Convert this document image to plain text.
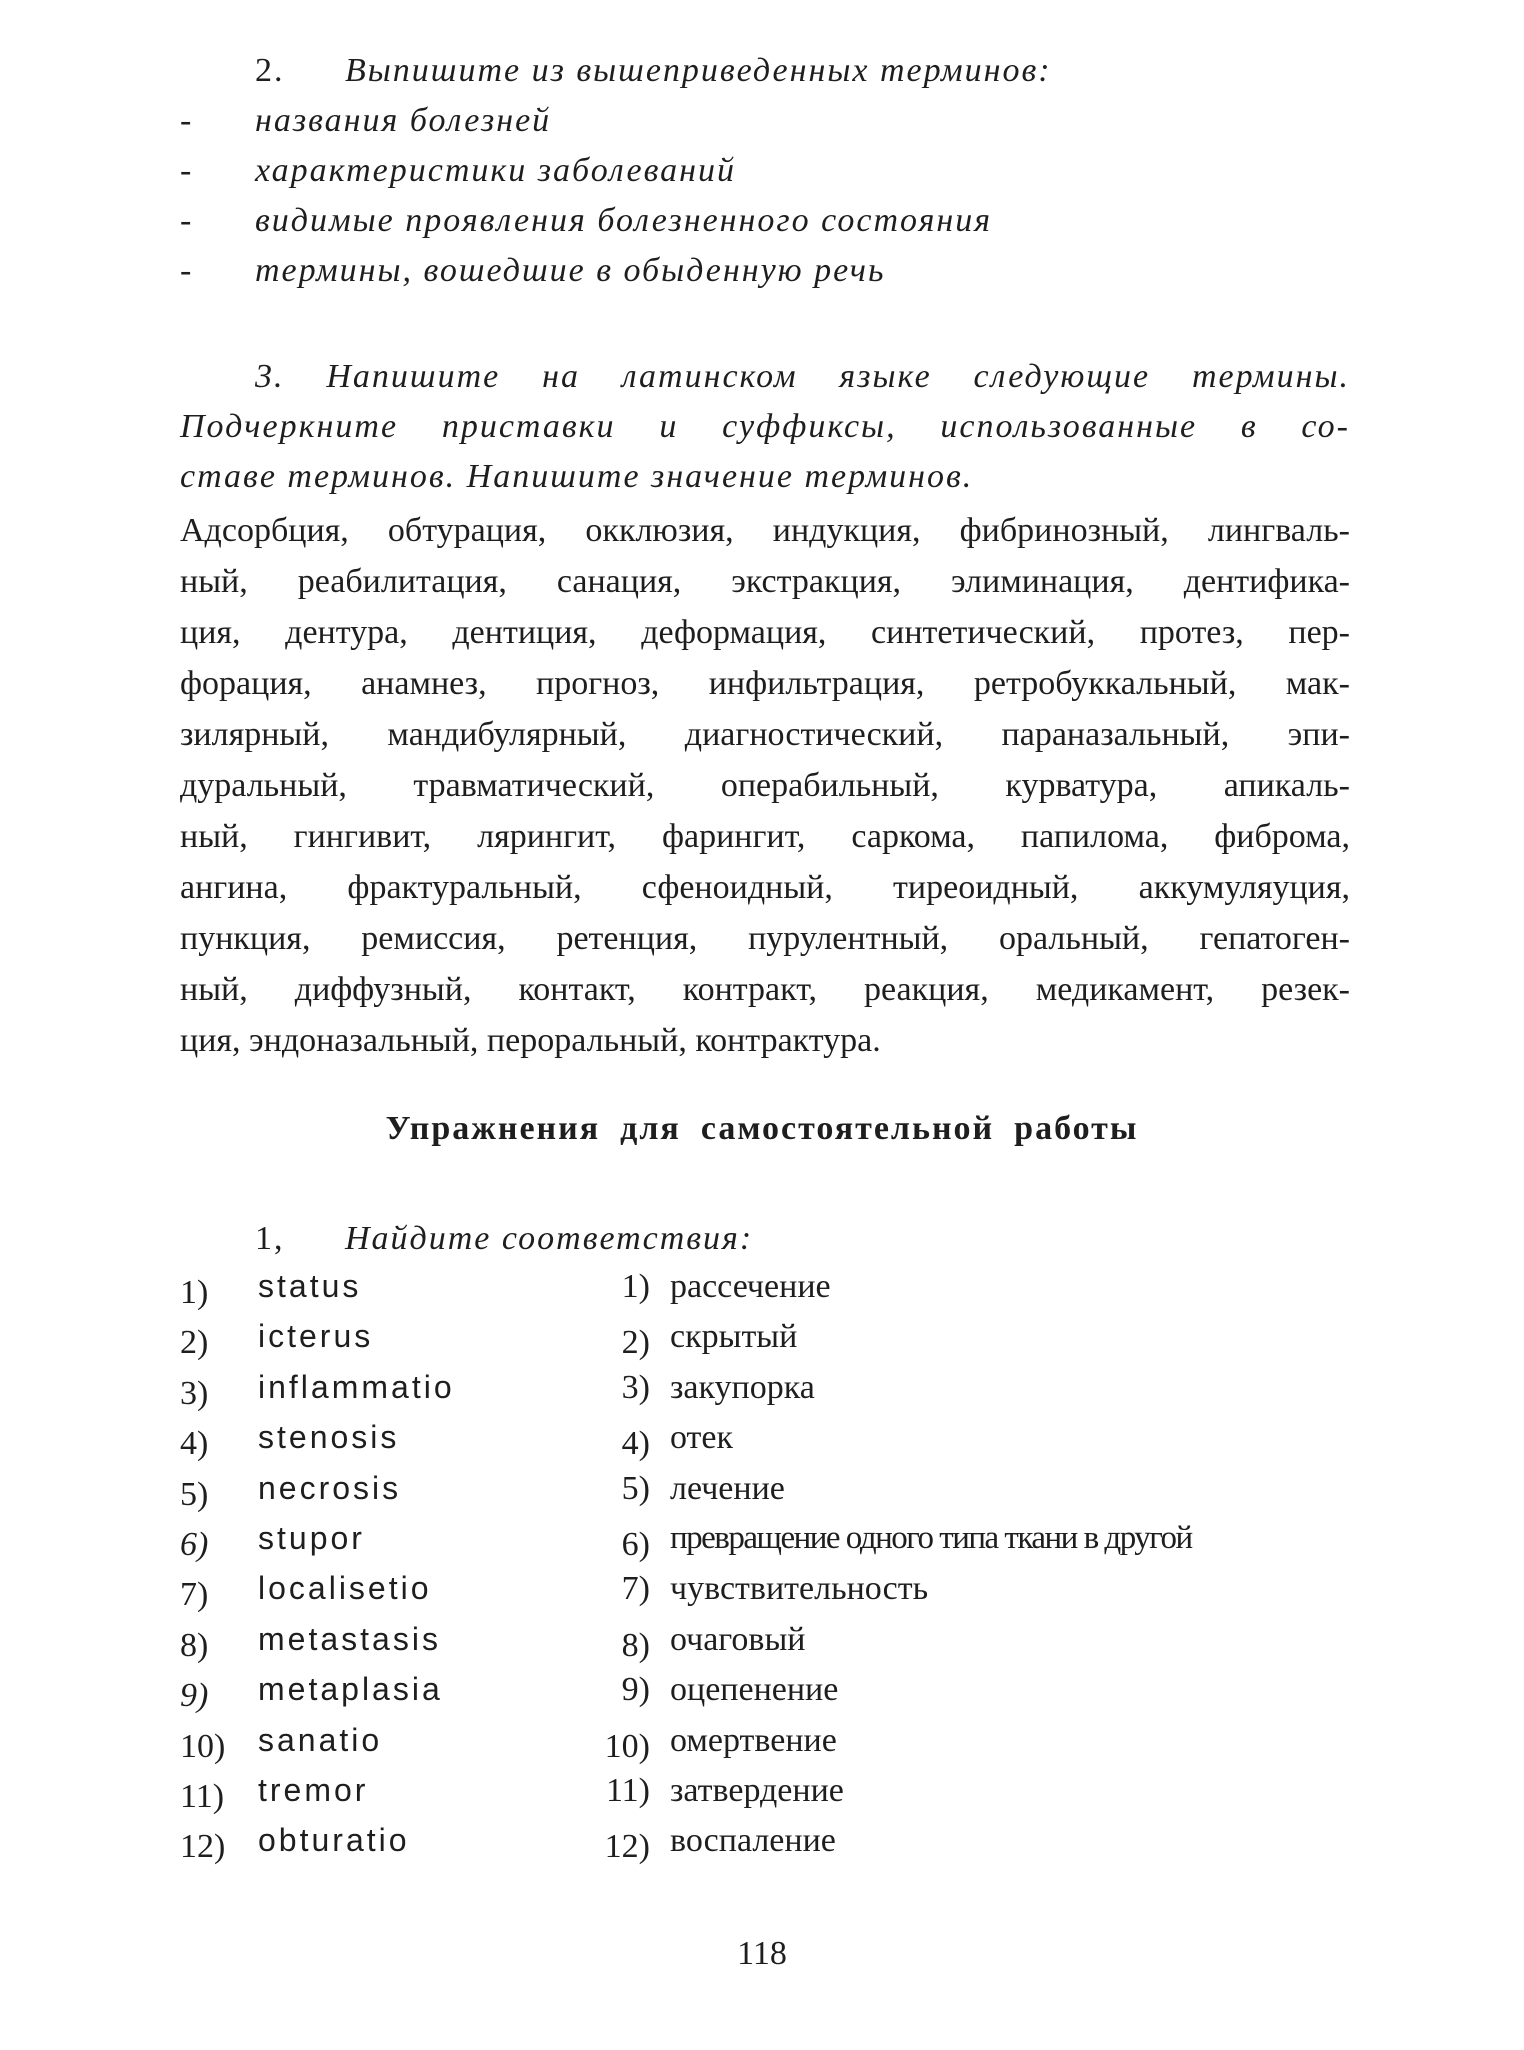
2. Выпишите из вышеприведенных терминов:
- названия болезней
- характеристики заболеваний
- видимые проявления болезненного состояния
- термины, вошедшие в обыденную речь
3. Напишите на латинском языке следующие термины.
Подчеркните приставки и суффиксы, использованные в со-
ставе терминов. Напишите значение терминов.
Адсорбция, обтурация, окклюзия, индукция, фибринозный, лингваль-
ный, реабилитация, санация, экстракция, элиминация, дентифика-
ция, дентура, дентиция, деформация, синтетический, протез, пер-
форация, анамнез, прогноз, инфильтрация, ретробуккальный, мак-
зилярный, мандибулярный, диагностический, параназальный, эпи-
дуральный, травматический, операбильный, курватура, апикаль-
ный, гингивит, ляpингит, фарингит, саркома, папилома, фиброма,
ангина, фрактуральный, сфеноидный, тиреоидный, аккумуляуция,
пункция, ремиссия, ретенция, пурулентный, оральный, гепатоген-
ный, диффузный, контакт, контракт, реакция, медикамент, резек-
ция, эндоназальный, пероральный, контрактура.
Упражнения для самостоятельной работы
1, Найдите соответствия:
1) status	1) рассечение
2) icterus	2) скрытый
3) inflammatio	3) закупорка
4) stenosis	4) отек
5) necrosis	5) лечение
6) stupor	6) превращение одного типа ткани в другой
7) localisetio	7) чувствительность
8) metastasis	8) очаговый
9) metaplasia	9) оцепенение
10) sanatio	10) омертвение
11) tremor	11) затвердение
12) obturatio	12) воспаление
118
